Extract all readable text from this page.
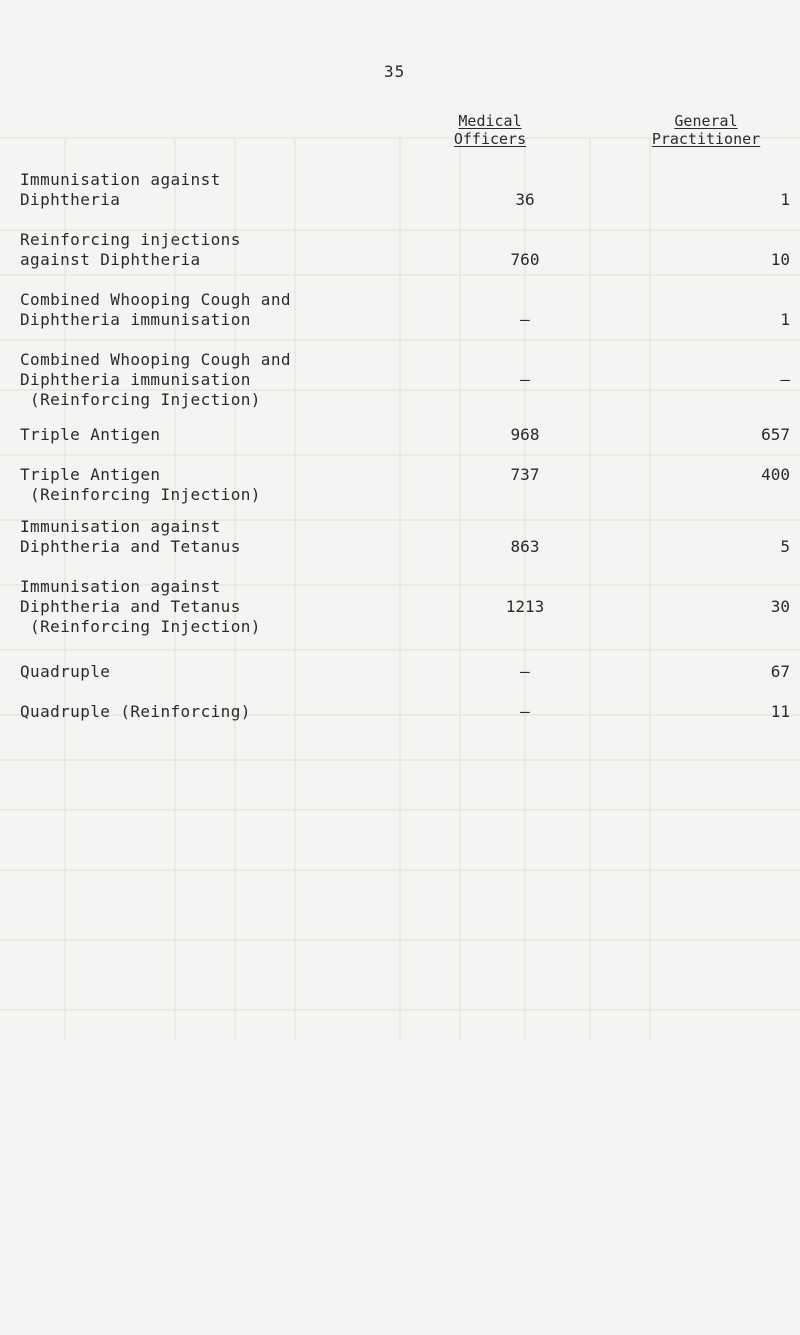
35
Medical
Officers
General
Practitioner
Immunisation against
Diphtheria	36	1
Reinforcing injections
against Diphtheria	760	10
Combined Whooping Cough and
Diphtheria immunisation	–	1
Combined Whooping Cough and
Diphtheria immunisation
(Reinforcing Injection)
–	–
Triple Antigen	968	657
Triple Antigen
(Reinforcing Injection)
737	400
Immunisation against
Diphtheria and Tetanus	863	5
Immunisation against
Diphtheria and Tetanus
(Reinforcing Injection)
1213	30
Quadruple	–	67
Quadruple (Reinforcing)	–	11
